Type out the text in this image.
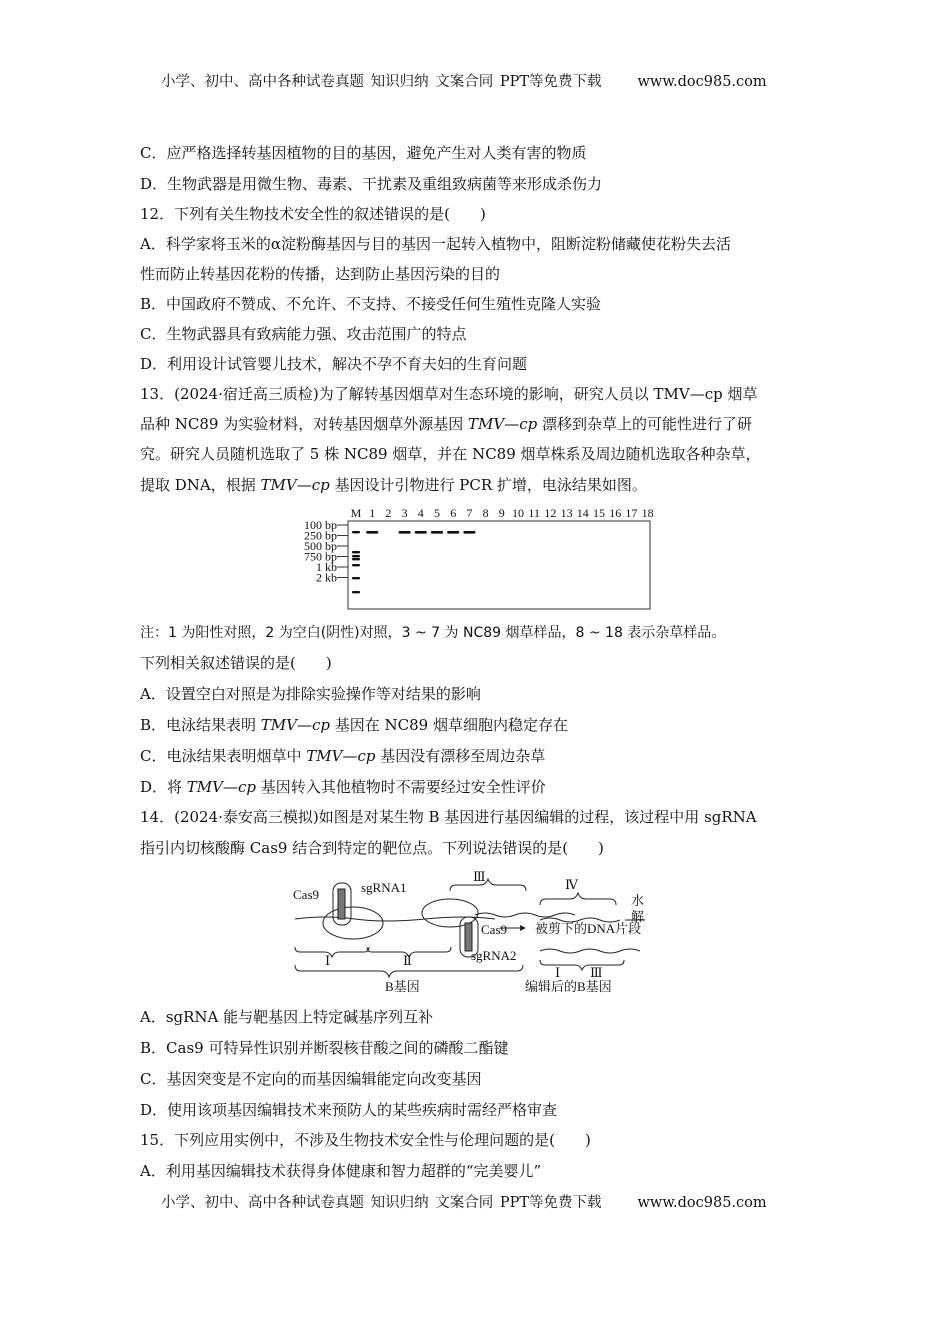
小学、初中、高中各种试卷真题 知识归纳 文案合同 PPT等免费下载 www.doc985.com
C．应严格选择转基因植物的目的基因，避免产生对人类有害的物质
D．生物武器是用微生物、毒素、干扰素及重组致病菌等来形成杀伤力
12．下列有关生物技术安全性的叙述错误的是(　　)
A．科学家将玉米的α淀粉酶基因与目的基因一起转入植物中，阻断淀粉储藏使花粉失去活
性而防止转基因花粉的传播，达到防止基因污染的目的
B．中国政府不赞成、不允许、不支持、不接受任何生殖性克隆人实验
C．生物武器具有致病能力强、攻击范围广的特点
D．利用设计试管婴儿技术，解决不孕不育夫妇的生育问题
13．(2024·宿迁高三质检)为了解转基因烟草对生态环境的影响，研究人员以 TMV—cp 烟草
品种 NC89 为实验材料，对转基因烟草外源基因 TMV—cp 漂移到杂草上的可能性进行了研
究。研究人员随机选取了 5 株 NC89 烟草，并在 NC89 烟草株系及周边随机选取各种杂草，
提取 DNA，根据 TMV—cp 基因设计引物进行 PCR 扩增，电泳结果如图。
M 1 2 3 4 5 6 7 8 9 10 11 12 13 14 15 16 17 18
100 bp
250 bp
500 bp
750 bp
1 kb
2 kb
注：1 为阳性对照，2 为空白(阴性)对照，3 ~ 7 为 NC89 烟草样品，8 ~ 18 表示杂草样品。
下列相关叙述错误的是(　　)
A．设置空白对照是为排除实验操作等对结果的影响
B．电泳结果表明 TMV—cp 基因在 NC89 烟草细胞内稳定存在
C．电泳结果表明烟草中 TMV—cp 基因没有漂移至周边杂草
D．将 TMV—cp 基因转入其他植物时不需要经过安全性评价
14．(2024·泰安高三模拟)如图是对某生物 B 基因进行基因编辑的过程，该过程中用 sgRNA
指引内切核酸酶 Cas9 结合到特定的靶位点。下列说法错误的是(　　)
Cas9	sgRNA1
Cas9
sgRNA2
Ⅰ	Ⅱ
Ⅲ
Ⅳ
水
解
被剪下的DNA片段
Ⅰ Ⅲ
B基因	编辑后的B基因
A．sgRNA 能与靶基因上特定碱基序列互补
B．Cas9 可特异性识别并断裂核苷酸之间的磷酸二酯键
C．基因突变是不定向的而基因编辑能定向改变基因
D．使用该项基因编辑技术来预防人的某些疾病时需经严格审查
15．下列应用实例中，不涉及生物技术安全性与伦理问题的是(　　)
A．利用基因编辑技术获得身体健康和智力超群的“完美婴儿”
小学、初中、高中各种试卷真题 知识归纳 文案合同 PPT等免费下载 www.doc985.com
